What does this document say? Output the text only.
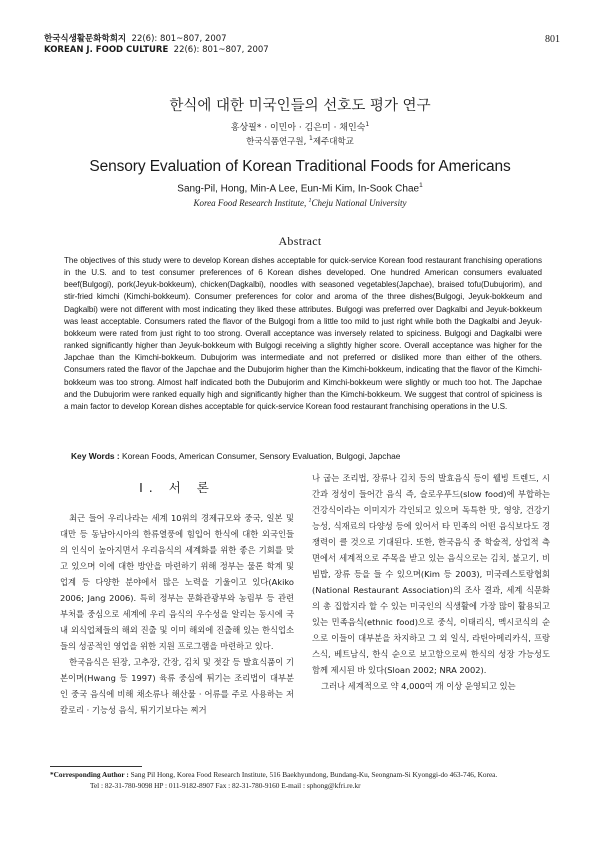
한국식생활문화학회지 22(6): 801~807, 2007
KOREAN J. FOOD CULTURE 22(6): 801~807, 2007
801
한식에 대한 미국인들의 선호도 평가 연구
홍상필* · 이민아 · 김은미 · 채인숙$^1$
한국식품연구원, $^1$제주대학교
Sensory Evaluation of Korean Traditional Foods for Americans
Sang-Pil, Hong, Min-A Lee, Eun-Mi Kim, In-Sook Chae$^1$
Korea Food Research Institute, $^1$Cheju National University
Abstract
The objectives of this study were to develop Korean dishes acceptable for quick-service Korean food restaurant franchising operations in the U.S. and to test consumer preferences of 6 Korean dishes developed. One hundred American consumers evaluated beef(Bulgogi), pork(Jeyuk-bokkeum), chicken(Dagkalbi), noodles with seasoned vegetables(Japchae), braised tofu(Dubujorim), and stir-fried kimchi (Kimchi-bokkeum). Consumer preferences for color and aroma of the three dishes(Bulgogi, Jeyuk-bokkeum and Dagkalbi) were not different with most indicating they liked these attributes. Bulgogi was preferred over Dagkalbi and Jeyuk-bokkeum was least acceptable. Consumers rated the flavor of the Bulgogi from a little too mild to just right while both the Dagkalbi and Jeyuk-bokkeum were rated from just right to too strong. Overall acceptance was inversely related to spiciness. Bulgogi and Dagkalbi were ranked significantly higher than Jeyuk-bokkeum with Bulgogi receiving a slightly higher score. Overall acceptance was higher for the Japchae than the Kimchi-bokkeum. Dubujorim was intermediate and not preferred or disliked more than either of the others. Consumers rated the flavor of the Japchae and the Dubujorim higher than the Kimchi-bokkeum, indicating that the flavor of the Kimchi-bokkeum was too strong. Almost half indicated both the Dubujorim and Kimchi-bokkeum were slightly or much too hot. The Japchae and the Dubujorim were ranked equally high and significantly higher than the Kimchi-bokkeum. We suggest that control of spiciness is a main factor to develop Korean dishes acceptable for quick-service Korean food restaurant franchising operations in the U.S.
Key Words : Korean Foods, American Consumer, Sensory Evaluation, Bulgogi, Japchae
Ⅰ. 서 론

최근 들어 우리나라는 세계 10위의 경제규모와 중국, 일본 및 대만 등 동남아시아의 한류열풍에 힘입어 한식에 대한 외국인들의 인식이 높아지면서 우리음식의 세계화를 위한 좋은 기회를 맞고 있으며 이에 대한 방안을 마련하기 위해 정부는 물론 학계 및 업계 등 다양한 분야에서 많은 노력을 기울이고 있다(Akiko 2006; Jang 2006). 특히 정부는 문화관광부와 농림부 등 관련 부처를 중심으로 세계에 우리 음식의 우수성을 알리는 동시에 국내 외식업체들의 해외 진출 및 이미 해외에 진출해 있는 한식업소들의 성공적인 영업을 위한 지원 프로그램을 마련하고 있다.

한국음식은 된장, 고추장, 간장, 김치 및 젓갈 등 발효식품이 기본이며(Hwang 등 1997) 육류 중심에 튀기는 조리법이 대부분인 중국 음식에 비해 채소류나 해산물 · 어류를 주로 사용하는 저칼로리 · 기능성 음식, 튀기기보다는 찌거

나 굽는 조리법, 장류나 김치 등의 발효음식 등이 웰빙 트렌드, 시간과 정성이 들어간 음식 즉, 슬로우푸드(slow food)에 부합하는 건강식이라는 이미지가 각인되고 있으며 독특한 맛, 영양, 건강기능성, 식재료의 다양성 등에 있어서 타 민족의 어떤 음식보다도 경쟁력이 클 것으로 기대된다. 또한, 한국음식 중 학술적, 상업적 측면에서 세계적으로 주목을 받고 있는 음식으로는 김치, 불고기, 비빔밥, 장류 등을 들 수 있으며(Kim 등 2003), 미국레스토랑협회(National Restaurant Association)의 조사 결과, 세계 식문화의 총 집합지라 할 수 있는 미국인의 식생활에 가장 많이 활용되고 있는 민족음식(ethnic food)으로 중식, 이태리식, 멕시코식의 순으로 이들이 대부분을 차지하고 그 외 일식, 라틴아메리카식, 프랑스식, 베트남식, 한식 순으로 보고함으로써 한식의 성장 가능성도 함께 제시된 바 있다(Sloan 2002; NRA 2002).

그러나 세계적으로 약 4,000여 개 이상 운영되고 있는

*Corresponding Author : Sang Pil Hong, Korea Food Research Institute, 516 Baekhyundong, Bundang-Ku, Seongnam-Si Kyonggi-do 463-746, Korea.
Tel : 82-31-780-9098 HP : 011-9182-8907 Fax : 82-31-780-9160 E-mail : sphong@kfri.re.kr
